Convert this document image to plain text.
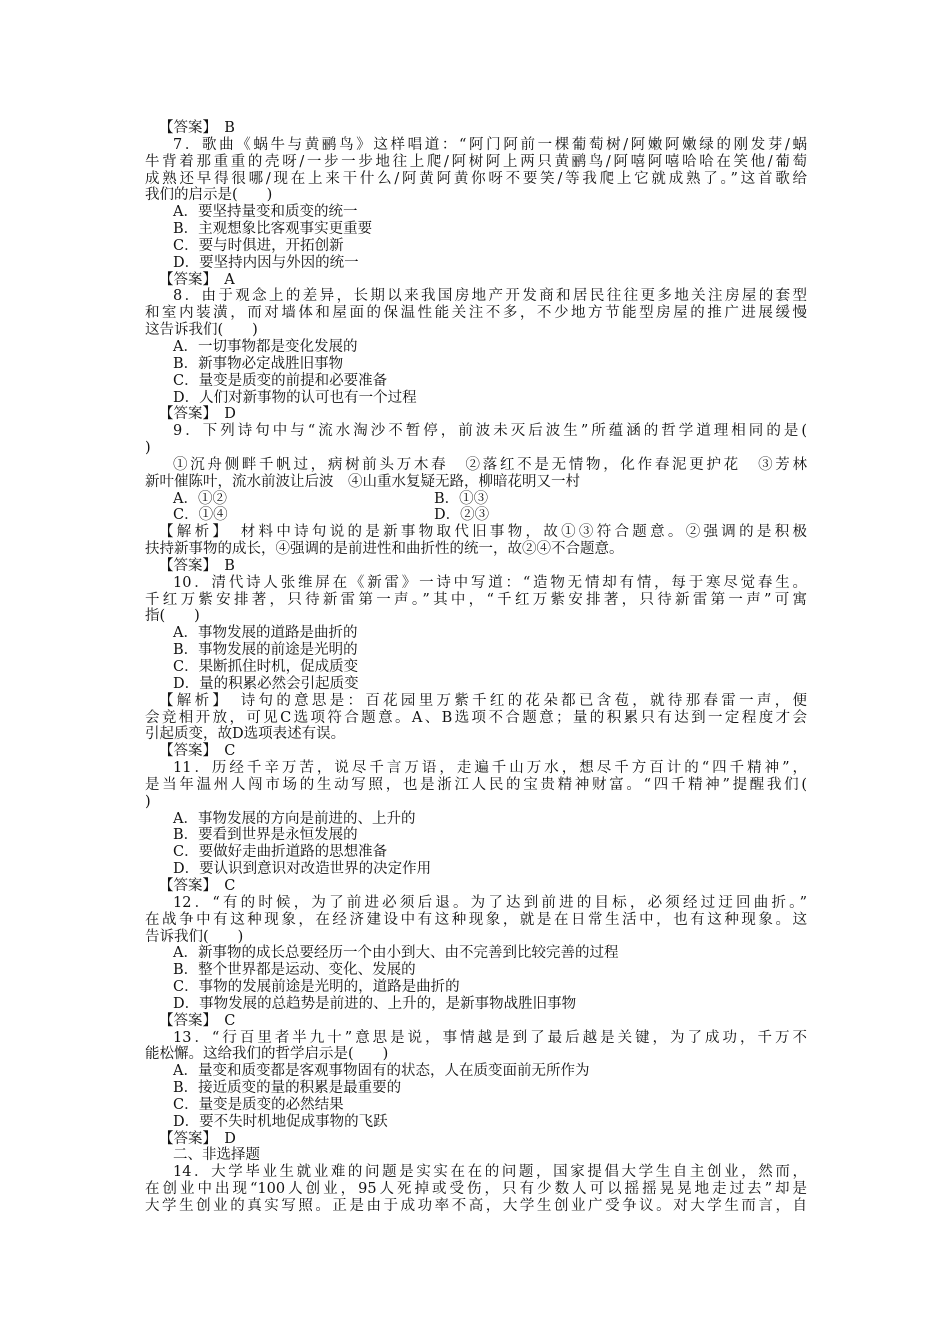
【答案】　B
7．歌曲《蜗牛与黄鹂鸟》这样唱道：“阿门阿前一棵葡萄树/阿嫩阿嫩绿的刚发芽/蜗
牛背着那重重的壳呀/一步一步地往上爬/阿树阿上两只黄鹂鸟/阿嘻阿嘻哈哈在笑他/葡萄
成熟还早得很哪/现在上来干什么/阿黄阿黄你呀不要笑/等我爬上它就成熟了。”这首歌给
我们的启示是(　　)
A．要坚持量变和质变的统一
B．主观想象比客观事实更重要
C．要与时俱进，开拓创新
D．要坚持内因与外因的统一
【答案】　A
8．由于观念上的差异，长期以来我国房地产开发商和居民往往更多地关注房屋的套型
和室内装潢，而对墙体和屋面的保温性能关注不多，不少地方节能型房屋的推广进展缓慢
这告诉我们(　　)
A．一切事物都是变化发展的
B．新事物必定战胜旧事物
C．量变是质变的前提和必要准备
D．人们对新事物的认可也有一个过程
【答案】　D
9．下列诗句中与“流水淘沙不暂停，前波未灭后波生”所蕴涵的哲学道理相同的是(
)
①沉舟侧畔千帆过，病树前头万木春　②落红不是无情物，化作春泥更护花　③芳林
新叶催陈叶，流水前波让后波　④山重水复疑无路，柳暗花明又一村
A．①②	B．①③
C．①④	D．②③
【解析】　材料中诗句说的是新事物取代旧事物，故①③符合题意。②强调的是积极
扶持新事物的成长，④强调的是前进性和曲折性的统一，故②④不合题意。
【答案】　B
10．清代诗人张维屏在《新雷》一诗中写道：“造物无情却有情，每于寒尽觉春生。
千红万紫安排著，只待新雷第一声。”其中，“千红万紫安排著，只待新雷第一声”可寓
指(　　)
A．事物发展的道路是曲折的
B．事物发展的前途是光明的
C．果断抓住时机，促成质变
D．量的积累必然会引起质变
【解析】　诗句的意思是：百花园里万紫千红的花朵都已含苞，就待那春雷一声，便
会竞相开放，可见C选项符合题意。A、B选项不合题意；量的积累只有达到一定程度才会
引起质变，故D选项表述有误。
【答案】　C
11．历经千辛万苦，说尽千言万语，走遍千山万水，想尽千方百计的“四千精神”，
是当年温州人闯市场的生动写照，也是浙江人民的宝贵精神财富。“四千精神”提醒我们(
)
A．事物发展的方向是前进的、上升的
B．要看到世界是永恒发展的
C．要做好走曲折道路的思想准备
D．要认识到意识对改造世界的决定作用
【答案】　C
12．“有的时候，为了前进必须后退。为了达到前进的目标，必须经过迂回曲折。”
在战争中有这种现象，在经济建设中有这种现象，就是在日常生活中，也有这种现象。这
告诉我们(　　)
A．新事物的成长总要经历一个由小到大、由不完善到比较完善的过程
B．整个世界都是运动、变化、发展的
C．事物的发展前途是光明的，道路是曲折的
D．事物发展的总趋势是前进的、上升的，是新事物战胜旧事物
【答案】　C
13．“行百里者半九十”意思是说，事情越是到了最后越是关键，为了成功，千万不
能松懈。这给我们的哲学启示是(　　)
A．量变和质变都是客观事物固有的状态，人在质变面前无所作为
B．接近质变的量的积累是最重要的
C．量变是质变的必然结果
D．要不失时机地促成事物的飞跃
【答案】　D
二、非选择题
14．大学毕业生就业难的问题是实实在在的问题，国家提倡大学生自主创业，然而，
在创业中出现“100人创业，95人死掉或受伤，只有少数人可以摇摇晃晃地走过去”却是
大学生创业的真实写照。正是由于成功率不高，大学生创业广受争议。对大学生而言，自
